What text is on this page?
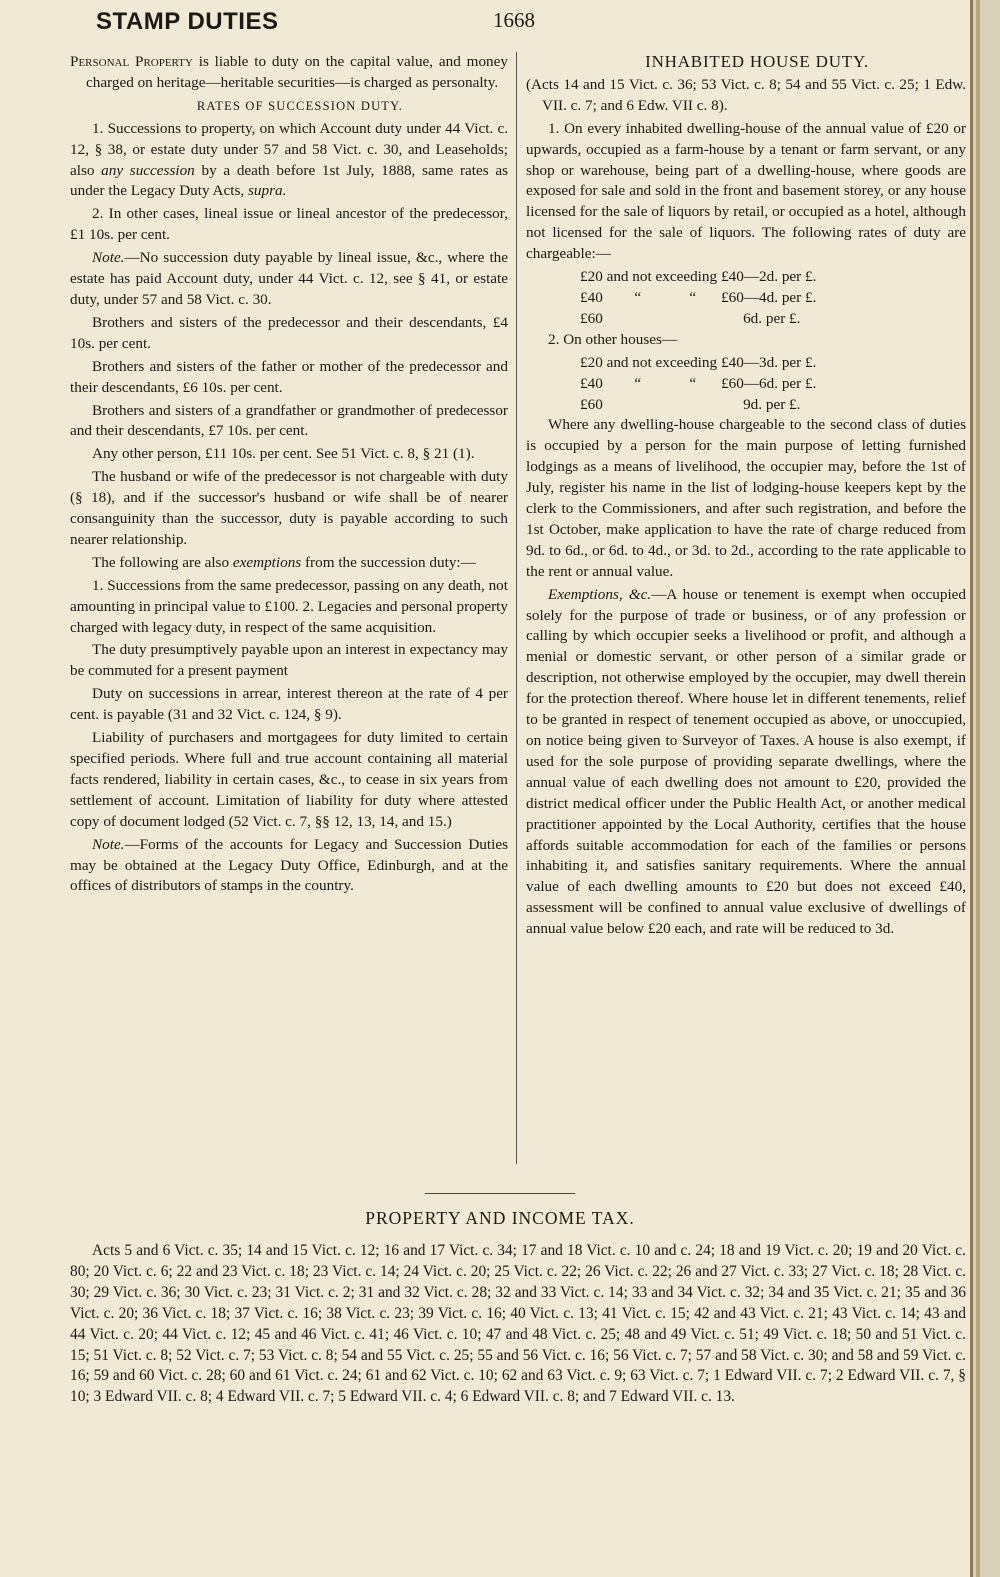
STAMP DUTIES	1668

Personal Property is liable to duty on the capital value, and money charged on heritage—heritable securities—is charged as personalty.

RATES OF SUCCESSION DUTY.

1. Successions to property, on which Account duty under 44 Vict. c. 12, § 38, or estate duty under 57 and 58 Vict. c. 30, and Leaseholds; also any succession by a death before 1st July, 1888, same rates as under the Legacy Duty Acts, supra.

2. In other cases, lineal issue or lineal ancestor of the predecessor, £1 10s. per cent.

Note.—No succession duty payable by lineal issue, &c., where the estate has paid Account duty, under 44 Vict. c. 12, see § 41, or estate duty, under 57 and 58 Vict. c. 30.

Brothers and sisters of the predecessor and their descendants, £4 10s. per cent.

Brothers and sisters of the father or mother of the predecessor and their descendants, £6 10s. per cent.

Brothers and sisters of a grandfather or grandmother of predecessor and their descendants, £7 10s. per cent.

Any other person, £11 10s. per cent. See 51 Vict. c. 8, § 21 (1).

The husband or wife of the predecessor is not chargeable with duty (§ 18), and if the successor's husband or wife shall be of nearer consanguinity than the successor, duty is payable according to such nearer relationship.

The following are also exemptions from the succession duty:—

1. Successions from the same predecessor, passing on any death, not amounting in principal value to £100. 2. Legacies and personal property charged with legacy duty, in respect of the same acquisition.

The duty presumptively payable upon an interest in expectancy may be commuted for a present payment

Duty on successions in arrear, interest thereon at the rate of 4 per cent. is payable (31 and 32 Vict. c. 124, § 9).

Liability of purchasers and mortgagees for duty limited to certain specified periods. Where full and true account containing all material facts rendered, liability in certain cases, &c., to cease in six years from settlement of account. Limitation of liability for duty where attested copy of document lodged (52 Vict. c. 7, §§ 12, 13, 14, and 15.)

Note.—Forms of the accounts for Legacy and Succession Duties may be obtained at the Legacy Duty Office, Edinburgh, and at the offices of distributors of stamps in the country.

INHABITED HOUSE DUTY.

(Acts 14 and 15 Vict. c. 36; 53 Vict. c. 8; 54 and 55 Vict. c. 25; 1 Edw. VII. c. 7; and 6 Edw. VII c. 8).

1. On every inhabited dwelling-house of the annual value of £20 or upwards, occupied as a farm-house by a tenant or farm servant, or any shop or warehouse, being part of a dwelling-house, where goods are exposed for sale and sold in the front and basement storey, or any house licensed for the sale of liquors by retail, or occupied as a hotel, although not licensed for the sale of liquors. The following rates of duty are chargeable:—

£20 and not exceeding	£40—2d. per £.
£40 “ “	£60—4d. per £.
£60	6d. per £.

2. On other houses—

£20 and not exceeding	£40—3d. per £.
£40 “ “	£60—6d. per £.
£60	9d. per £.

Where any dwelling-house chargeable to the second class of duties is occupied by a person for the main purpose of letting furnished lodgings as a means of livelihood, the occupier may, before the 1st of July, register his name in the list of lodging-house keepers kept by the clerk to the Commissioners, and after such registration, and before the 1st October, make application to have the rate of charge reduced from 9d. to 6d., or 6d. to 4d., or 3d. to 2d., according to the rate applicable to the rent or annual value.

Exemptions, &c.—A house or tenement is exempt when occupied solely for the purpose of trade or business, or of any profession or calling by which occupier seeks a livelihood or profit, and although a menial or domestic servant, or other person of a similar grade or description, not otherwise employed by the occupier, may dwell therein for the protection thereof. Where house let in different tenements, relief to be granted in respect of tenement occupied as above, or unoccupied, on notice being given to Surveyor of Taxes. A house is also exempt, if used for the sole purpose of providing separate dwellings, where the annual value of each dwelling does not amount to £20, provided the district medical officer under the Public Health Act, or another medical practitioner appointed by the Local Authority, certifies that the house affords suitable accommodation for each of the families or persons inhabiting it, and satisfies sanitary requirements. Where the annual value of each dwelling amounts to £20 but does not exceed £40, assessment will be confined to annual value exclusive of dwellings of annual value below £20 each, and rate will be reduced to 3d.

PROPERTY AND INCOME TAX.
Acts 5 and 6 Vict. c. 35; 14 and 15 Vict. c. 12; 16 and 17 Vict. c. 34; 17 and 18 Vict. c. 10 and c. 24; 18 and 19 Vict. c. 20; 19 and 20 Vict. c. 80; 20 Vict. c. 6; 22 and 23 Vict. c. 18; 23 Vict. c. 14; 24 Vict. c. 20; 25 Vict. c. 22; 26 Vict. c. 22; 26 and 27 Vict. c. 33; 27 Vict. c. 18; 28 Vict. c. 30; 29 Vict. c. 36; 30 Vict. c. 23; 31 Vict. c. 2; 31 and 32 Vict. c. 28; 32 and 33 Vict. c. 14; 33 and 34 Vict. c. 32; 34 and 35 Vict. c. 21; 35 and 36 Vict. c. 20; 36 Vict. c. 18; 37 Vict. c. 16; 38 Vict. c. 23; 39 Vict. c. 16; 40 Vict. c. 13; 41 Vict. c. 15; 42 and 43 Vict. c. 21; 43 Vict. c. 14; 43 and 44 Vict. c. 20; 44 Vict. c. 12; 45 and 46 Vict. c. 41; 46 Vict. c. 10; 47 and 48 Vict. c. 25; 48 and 49 Vict. c. 51; 49 Vict. c. 18; 50 and 51 Vict. c. 15; 51 Vict. c. 8; 52 Vict. c. 7; 53 Vict. c. 8; 54 and 55 Vict. c. 25; 55 and 56 Vict. c. 16; 56 Vict. c. 7; 57 and 58 Vict. c. 30; and 58 and 59 Vict. c. 16; 59 and 60 Vict. c. 28; 60 and 61 Vict. c. 24; 61 and 62 Vict. c. 10; 62 and 63 Vict. c. 9; 63 Vict. c. 7; 1 Edward VII. c. 7; 2 Edward VII. c. 7, § 10; 3 Edward VII. c. 8; 4 Edward VII. c. 7; 5 Edward VII. c. 4; 6 Edward VII. c. 8; and 7 Edward VII. c. 13.
